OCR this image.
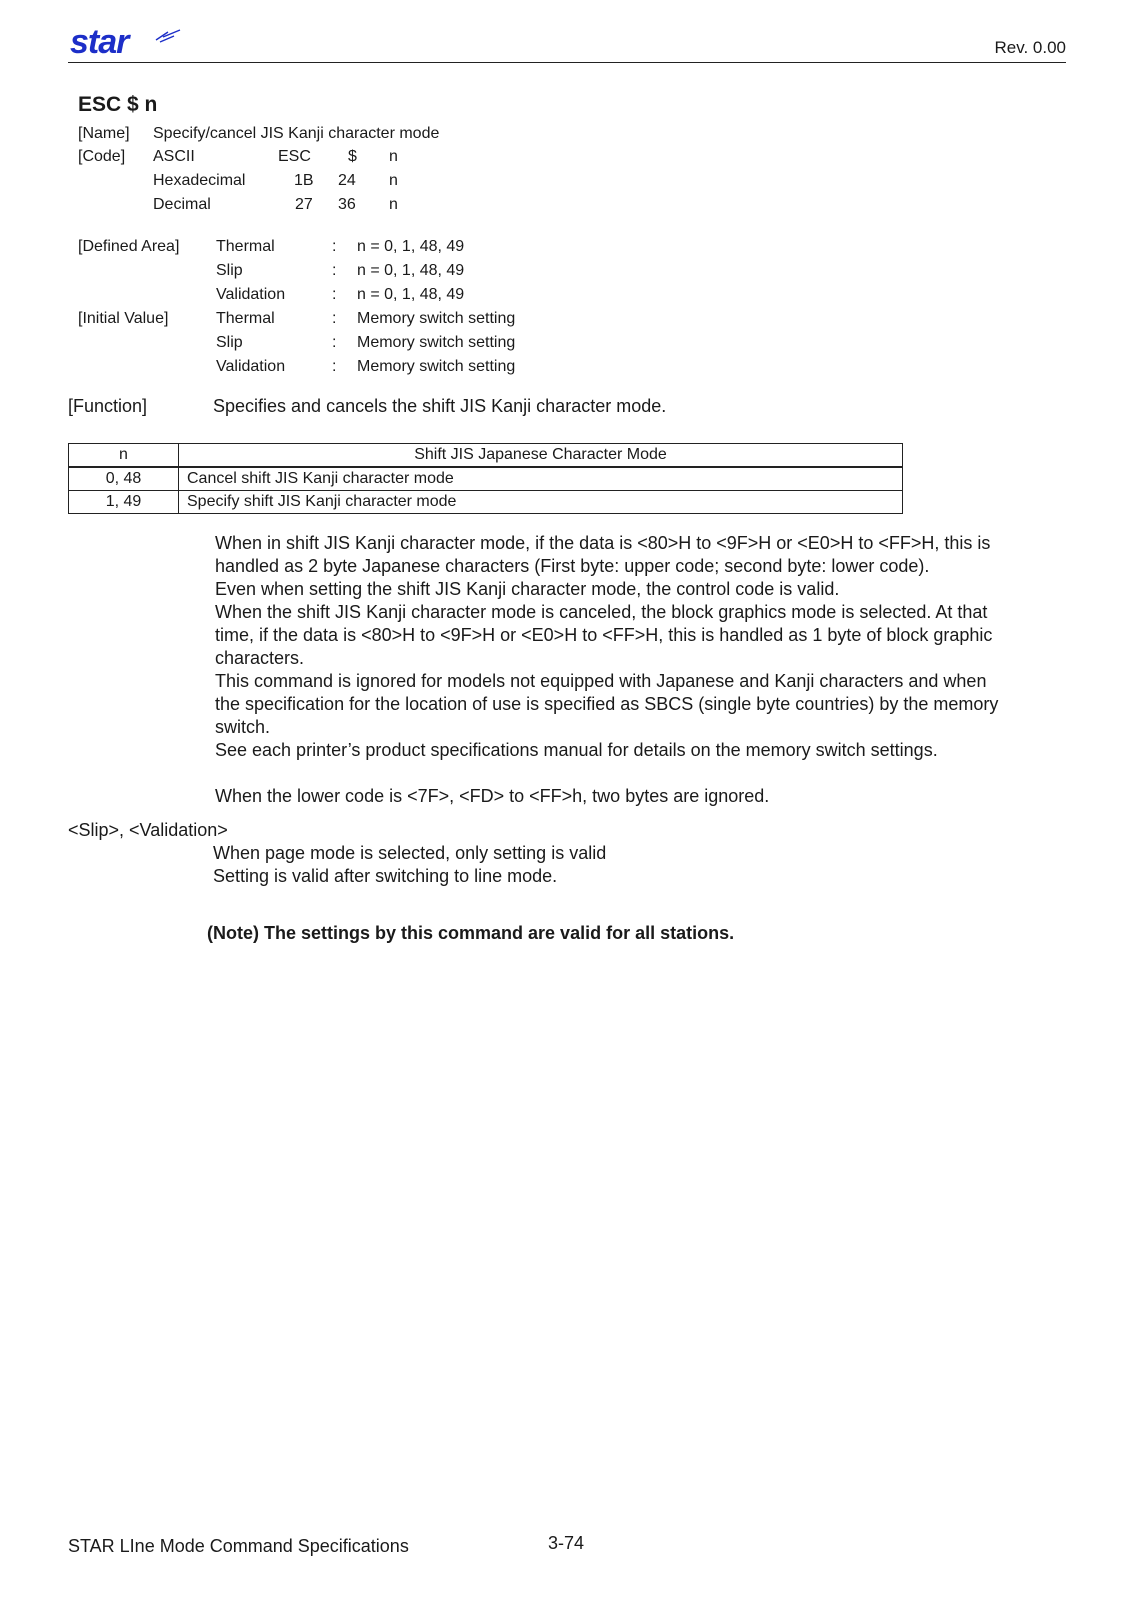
star	Rev. 0.00
ESC $ n
[Name] Specify/cancel JIS Kanji character mode
[Code] ASCII	ESC $ n
Hexadecimal	1B 24 n
Decimal	27 36 n
[Defined Area] Thermal	: n = 0, 1, 48, 49
Slip	: n = 0, 1, 48, 49
Validation	: n = 0, 1, 48, 49
[Initial Value]	Thermal	: Memory switch setting
Slip	: Memory switch setting
Validation	: Memory switch setting
[Function]	Specifies and cancels the shift JIS Kanji character mode.
n	Shift JIS Japanese Character Mode
0, 48	Cancel shift JIS Kanji character mode
1, 49	Specify shift JIS Kanji character mode
When in shift JIS Kanji character mode, if the data is <80>H to <9F>H or <E0>H to <FF>H, this is
handled as 2 byte Japanese characters (First byte: upper code; second byte: lower code).
Even when setting the shift JIS Kanji character mode, the control code is valid.
When the shift JIS Kanji character mode is canceled, the block graphics mode is selected. At that
time, if the data is <80>H to <9F>H or <E0>H to <FF>H, this is handled as 1 byte of block graphic
characters.
This command is ignored for models not equipped with Japanese and Kanji characters and when
the specification for the location of use is specified as SBCS (single byte countries) by the memory
switch.
See each printer’s product specifications manual for details on the memory switch settings.
When the lower code is <7F>, <FD> to <FF>h, two bytes are ignored.
<Slip>, <Validation>
When page mode is selected, only setting is valid
Setting is valid after switching to line mode.
(Note) The settings by this command are valid for all stations.
STAR LIne Mode Command Specifications	3-74
